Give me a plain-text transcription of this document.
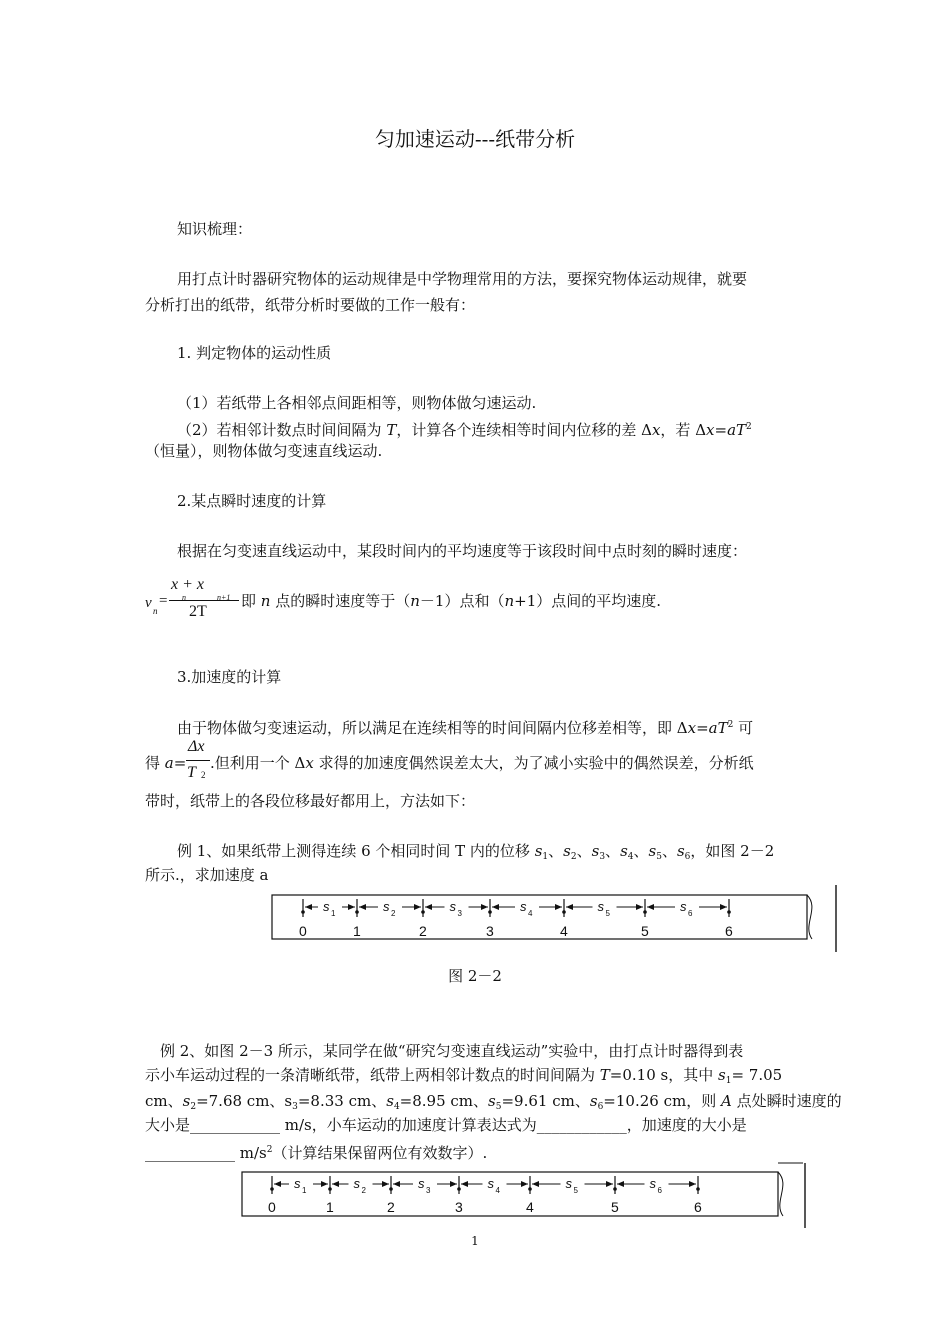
匀加速运动---纸带分析
知识梳理：
用打点计时器研究物体的运动规律是中学物理常用的方法，要探究物体运动规律，就要
分析打出的纸带，纸带分析时要做的工作一般有：
1. 判定物体的运动性质
（1）若纸带上各相邻点间距相等，则物体做匀速运动.
（2）若相邻计数点时间间隔为 T，计算各个连续相等时间内位移的差 Δx，若 $\Delta x=aT^2$
（恒量），则物体做匀变速直线运动.
2.某点瞬时速度的计算
根据在匀变速直线运动中，某段时间内的平均速度等于该段时间中点时刻的瞬时速度：
v n
=
x + x
n	n+1
2T
即 n 点的瞬时速度等于（n－1）点和（n+1）点间的平均速度.
3.加速度的计算
由于物体做匀变速运动，所以满足在连续相等的时间间隔内位移差相等，即 $\Delta x=aT^2$ 可
得 a=
Δx
T 2
.但利用一个 Δx 求得的加速度偶然误差太大，为了减小实验中的偶然误差，分析纸
带时，纸带上的各段位移最好都用上，方法如下：
例 1、如果纸带上测得连续 6 个相同时间 T 内的位移 $s_1$、$s_2$、$s_3$、$s_4$、$s_5$、$s_6$，如图 2－2
所示.，求加速度 a
0	1	2	3	4	5	6
s 1	s 2	s 3	s 4	s 5	s 6
图 2－2
例 2、如图 2－3 所示，某同学在做“研究匀变速直线运动”实验中，由打点计时器得到表
示小车运动过程的一条清晰纸带，纸带上两相邻计数点的时间间隔为 T=0.10 s，其中 $s_1= 7.05$
cm、$s_2=7.68$ cm、$s_3=8.33$ cm、$s_4=8.95$ cm、$s_5=9.61$ cm、$s_6=10.26$ cm，则 A 点处瞬时速度的
大小是____________ m/s，小车运动的加速度计算表达式为____________，加速度的大小是
____________ $m/s^2$（计算结果保留两位有效数字）.
0	1	2	3	4	5	6
s 1	s 2	s 3	s 4	s 5	s 6
1
